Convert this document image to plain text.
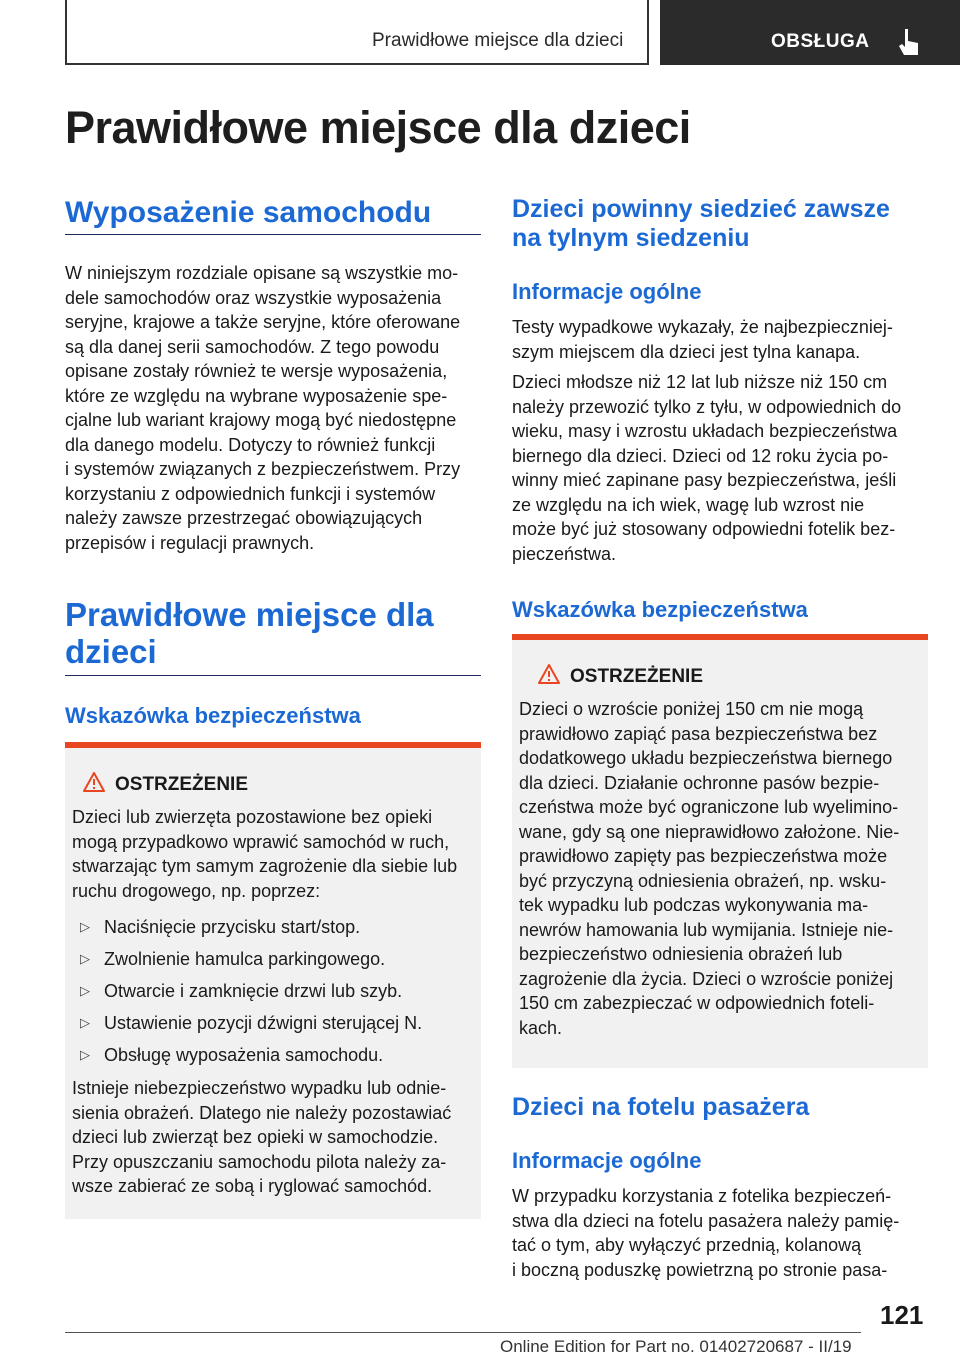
Prawidłowe miejsce dla dzieci	OBSŁUGA
Prawidłowe miejsce dla dzieci
Wyposażenie samochodu
W niniejszym rozdziale opisane są wszystkie mo‐
dele samochodów oraz wszystkie wyposażenia
seryjne, krajowe a także seryjne, które oferowane
są dla danej serii samochodów. Z tego powodu
opisane zostały również te wersje wyposażenia,
które ze względu na wybrane wyposażenie spe‐
cjalne lub wariant krajowy mogą być niedostępne
dla danego modelu. Dotyczy to również funkcji
i systemów związanych z bezpieczeństwem. Przy
korzystaniu z odpowiednich funkcji i systemów
należy zawsze przestrzegać obowiązujących
przepisów i regulacji prawnych.
Prawidłowe miejsce dla
dzieci
Wskazówka bezpieczeństwa
OSTRZEŻENIE
Dzieci lub zwierzęta pozostawione bez opieki
mogą przypadkowo wprawić samochód w ruch,
stwarzając tym samym zagrożenie dla siebie lub
ruchu drogowego, np. poprzez:
▷ Naciśnięcie przycisku start/stop.
▷ Zwolnienie hamulca parkingowego.
▷ Otwarcie i zamknięcie drzwi lub szyb.
▷ Ustawienie pozycji dźwigni sterującej N.
▷ Obsługę wyposażenia samochodu.
Istnieje niebezpieczeństwo wypadku lub odnie‐
sienia obrażeń. Dlatego nie należy pozostawiać
dzieci lub zwierząt bez opieki w samochodzie.
Przy opuszczaniu samochodu pilota należy za‐
wsze zabierać ze sobą i ryglować samochód.
Dzieci powinny siedzieć zawsze
na tylnym siedzeniu
Informacje ogólne
Testy wypadkowe wykazały, że najbezpieczniej‐
szym miejscem dla dzieci jest tylna kanapa.
Dzieci młodsze niż 12 lat lub niższe niż 150 cm
należy przewozić tylko z tyłu, w odpowiednich do
wieku, masy i wzrostu układach bezpieczeństwa
biernego dla dzieci. Dzieci od 12 roku życia po‐
winny mieć zapinane pasy bezpieczeństwa, jeśli
ze względu na ich wiek, wagę lub wzrost nie
może być już stosowany odpowiedni fotelik bez‐
pieczeństwa.
Wskazówka bezpieczeństwa
OSTRZEŻENIE
Dzieci o wzroście poniżej 150 cm nie mogą
prawidłowo zapiąć pasa bezpieczeństwa bez
dodatkowego układu bezpieczeństwa biernego
dla dzieci. Działanie ochronne pasów bezpie‐
czeństwa może być ograniczone lub wyelimino‐
wane, gdy są one nieprawidłowo założone. Nie‐
prawidłowo zapięty pas bezpieczeństwa może
być przyczyną odniesienia obrażeń, np. wsku‐
tek wypadku lub podczas wykonywania ma‐
newrów hamowania lub wymijania. Istnieje nie‐
bezpieczeństwo odniesienia obrażeń lub
zagrożenie dla życia. Dzieci o wzroście poniżej
150 cm zabezpieczać w odpowiednich foteli‐
kach.
Dzieci na fotelu pasażera
Informacje ogólne
W przypadku korzystania z fotelika bezpieczeń‐
stwa dla dzieci na fotelu pasażera należy pamię‐
tać o tym, aby wyłączyć przednią, kolanową
i boczną poduszkę powietrzną po stronie pasa‐
121
Online Edition for Part no. 01402720687 - II/19
